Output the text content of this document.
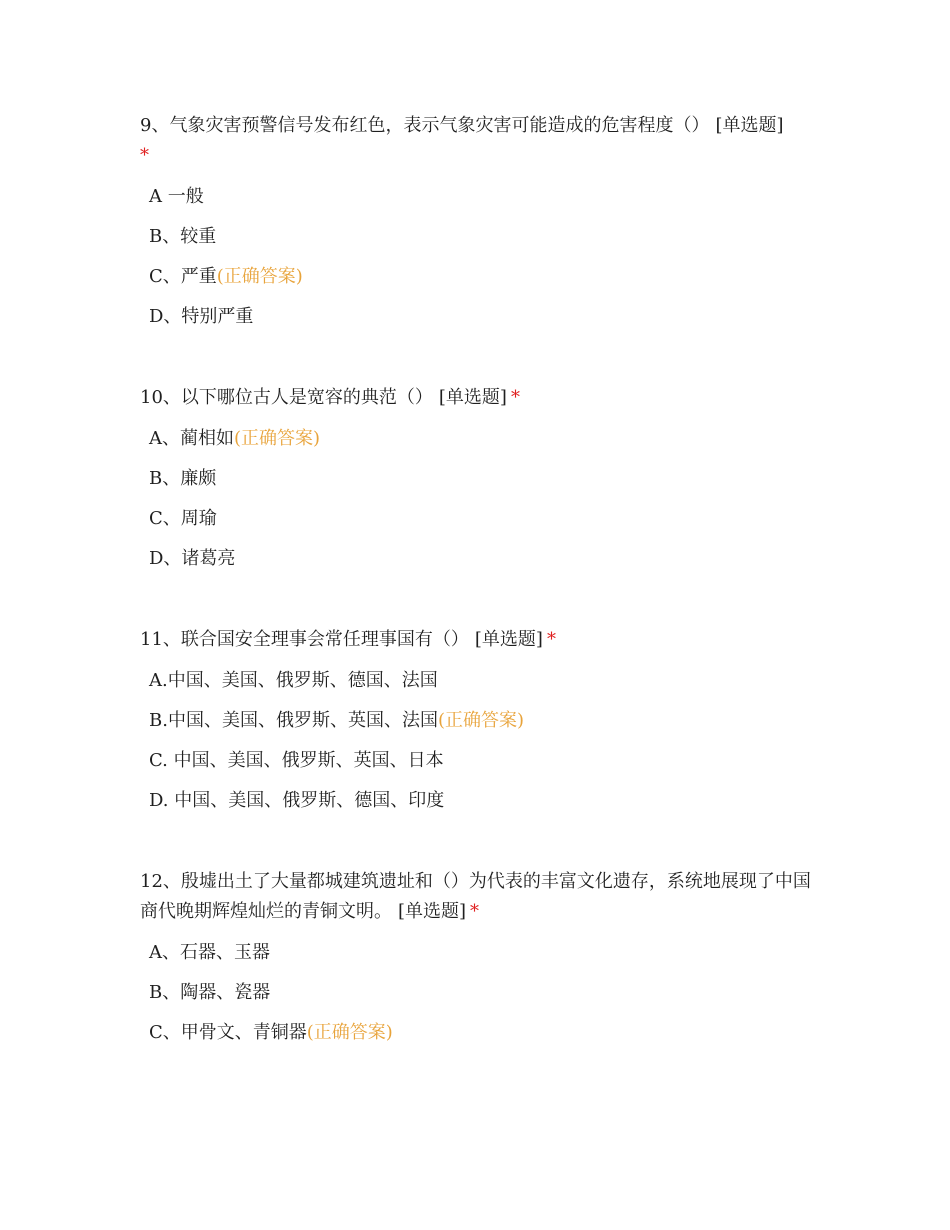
9、气象灾害预警信号发布红色，表示气象灾害可能造成的危害程度（） [单选题]
*

A 一般
B、较重
C、严重(正确答案)
D、特别严重

10、以下哪位古人是宽容的典范（） [单选题] *

A、蔺相如(正确答案)
B、廉颇
C、周瑜
D、诸葛亮

11、联合国安全理事会常任理事国有（） [单选题] *

A.中国、美国、俄罗斯、德国、法国
B.中国、美国、俄罗斯、英国、法国(正确答案)
C. 中国、美国、俄罗斯、英国、日本
D. 中国、美国、俄罗斯、德国、印度

12、殷墟出土了大量都城建筑遗址和（）为代表的丰富文化遗存，系统地展现了中国商代晚期辉煌灿烂的青铜文明。 [单选题] *

A、石器、玉器
B、陶器、瓷器
C、甲骨文、青铜器(正确答案)
